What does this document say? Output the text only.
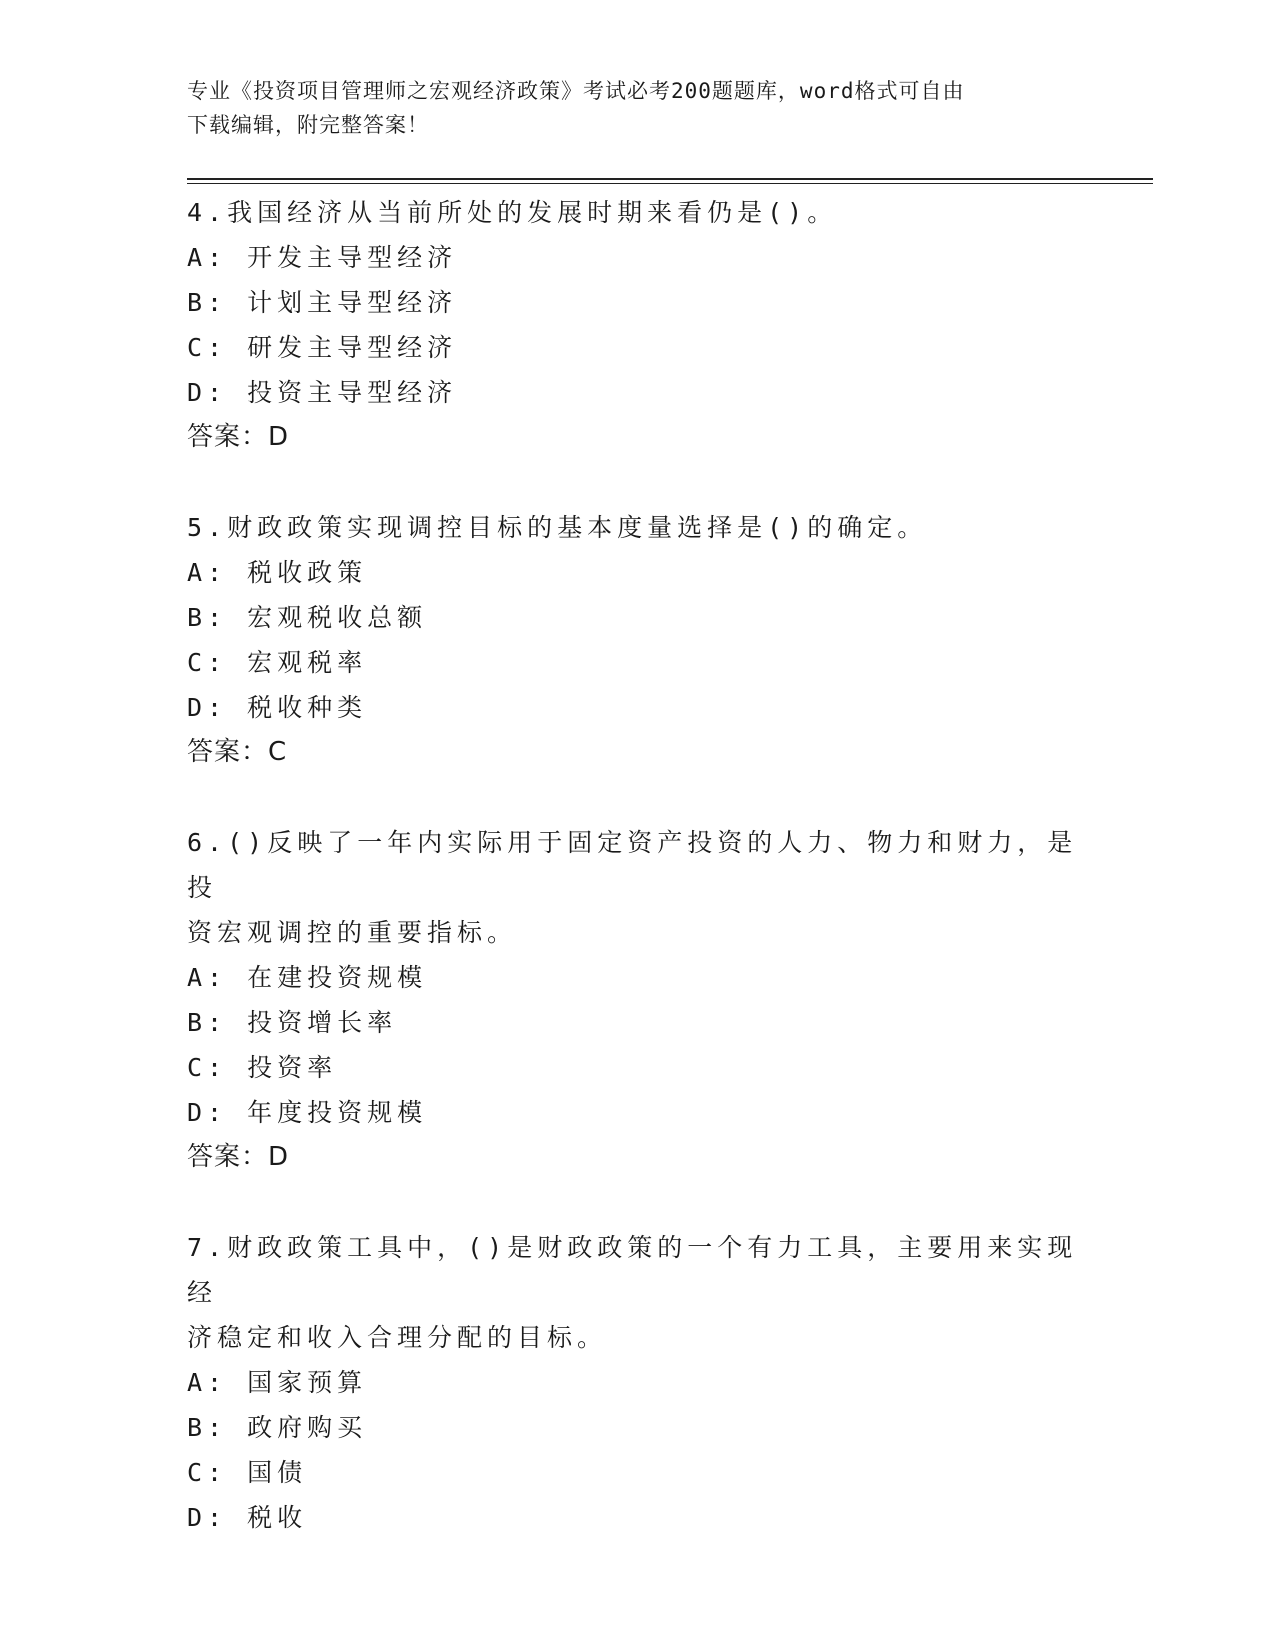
专业《投资项目管理师之宏观经济政策》考试必考200题题库，word格式可自由
下载编辑，附完整答案！
4.我国经济从当前所处的发展时期来看仍是()。
A: 开发主导型经济
B: 计划主导型经济
C: 研发主导型经济
D: 投资主导型经济
答案：D
5.财政政策实现调控目标的基本度量选择是()的确定。
A: 税收政策
B: 宏观税收总额
C: 宏观税率
D: 税收种类
答案：C
6.()反映了一年内实际用于固定资产投资的人力、物力和财力，是投
资宏观调控的重要指标。
A: 在建投资规模
B: 投资增长率
C: 投资率
D: 年度投资规模
答案：D
7.财政政策工具中，()是财政政策的一个有力工具，主要用来实现经
济稳定和收入合理分配的目标。
A: 国家预算
B: 政府购买
C: 国债
D: 税收
